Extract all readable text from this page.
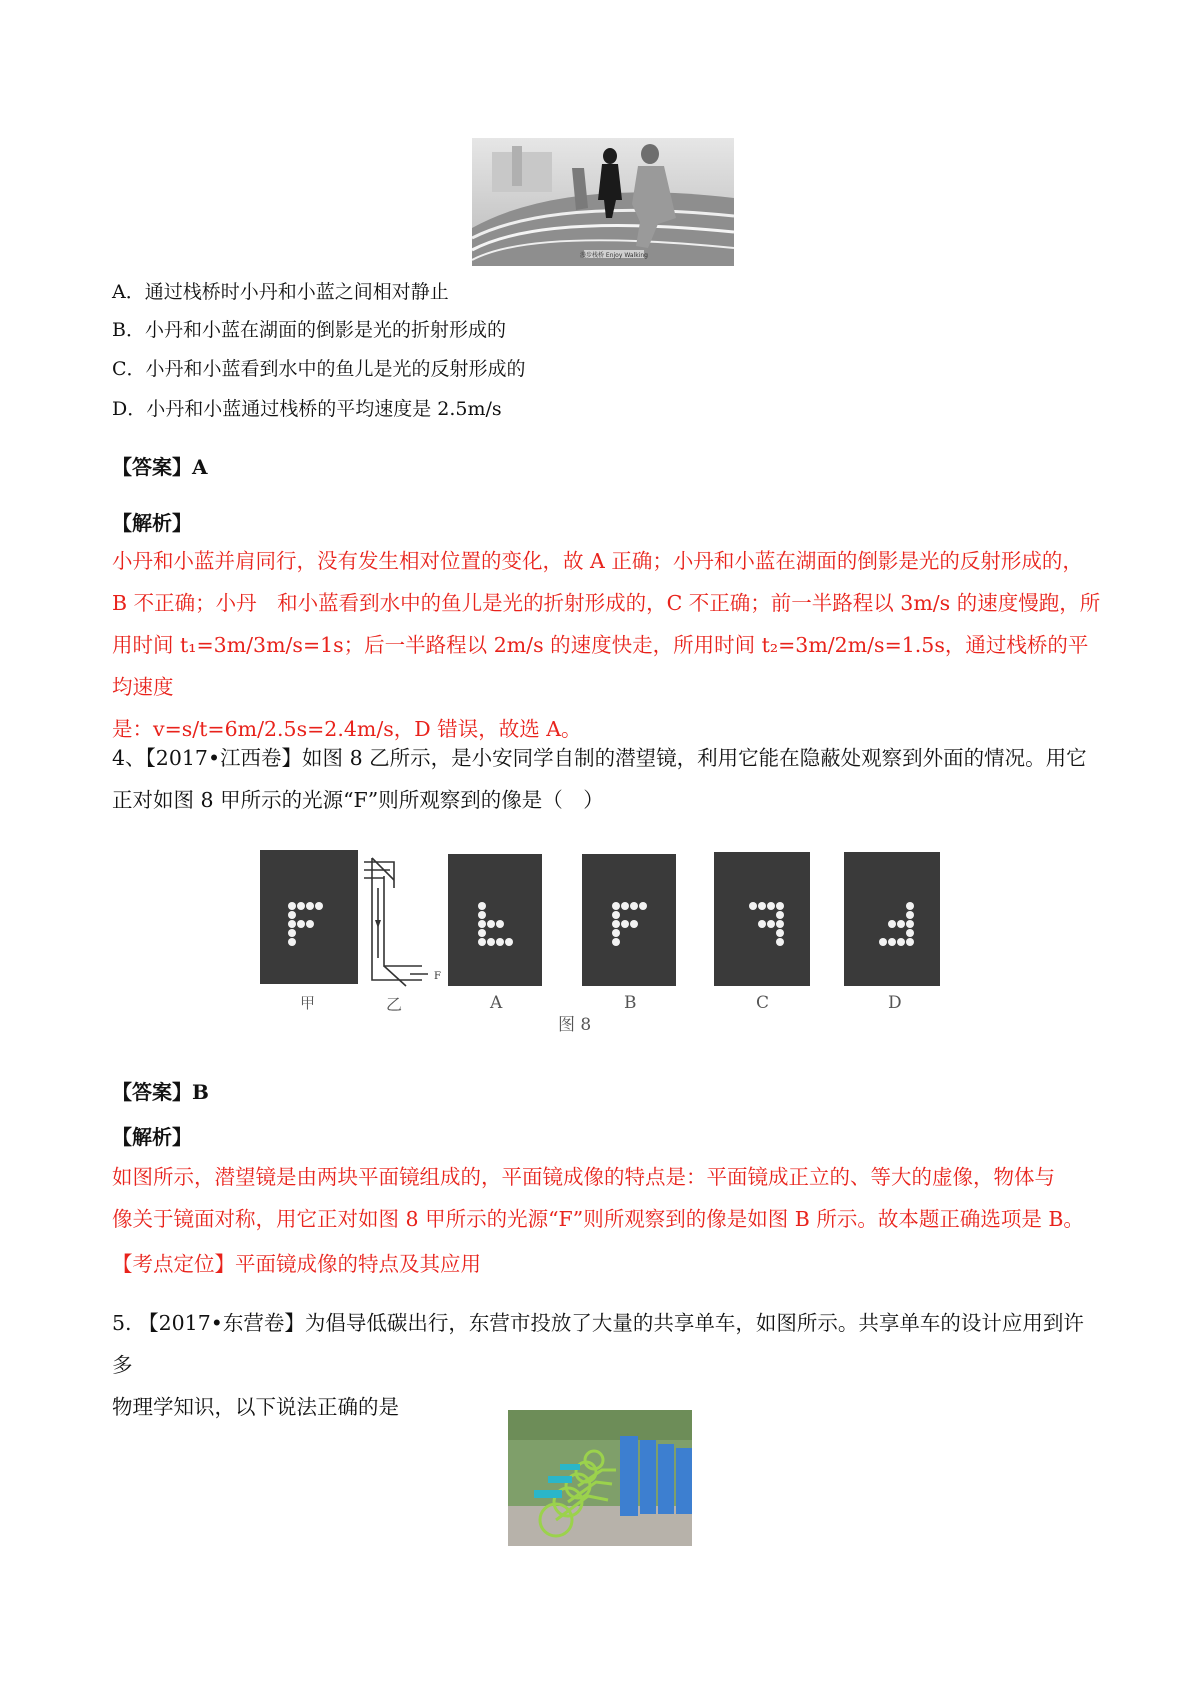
漫步栈桥 Enjoy Walking
A．通过栈桥时小丹和小蓝之间相对静止
B．小丹和小蓝在湖面的倒影是光的折射形成的
C．小丹和小蓝看到水中的鱼儿是光的反射形成的
D．小丹和小蓝通过栈桥的平均速度是 2.5m/s
【答案】A
【解析】
小丹和小蓝并肩同行，没有发生相对位置的变化，故 A 正确；小丹和小蓝在湖面的倒影是光的反射形成的，
B 不正确；小丹　和小蓝看到水中的鱼儿是光的折射形成的，C 不正确；前一半路程以 3m/s 的速度慢跑，所
用时间 t₁=3m/3m/s=1s；后一半路程以 2m/s 的速度快走，所用时间 t₂=3m/2m/s=1.5s，通过栈桥的平均速度
是：v=s/t=6m/2.5s=2.4m/s，D 错误，故选 A。
4、【2017•江西卷】如图 8 乙所示，是小安同学自制的潜望镜，利用它能在隐蔽处观察到外面的情况。用它
正对如图 8 甲所示的光源“F”则所观察到的像是（　）
F
甲	乙	A	B	C	D
图 8
【答案】B
【解析】
如图所示，潜望镜是由两块平面镜组成的，平面镜成像的特点是：平面镜成正立的、等大的虚像，物体与
像关于镜面对称，用它正对如图 8 甲所示的光源“F”则所观察到的像是如图 B 所示。故本题正确选项是 B。
【考点定位】平面镜成像的特点及其应用
5. 【2017•东营卷】为倡导低碳出行，东营市投放了大量的共享单车，如图所示。共享单车的设计应用到许多
物理学知识，以下说法正确的是
